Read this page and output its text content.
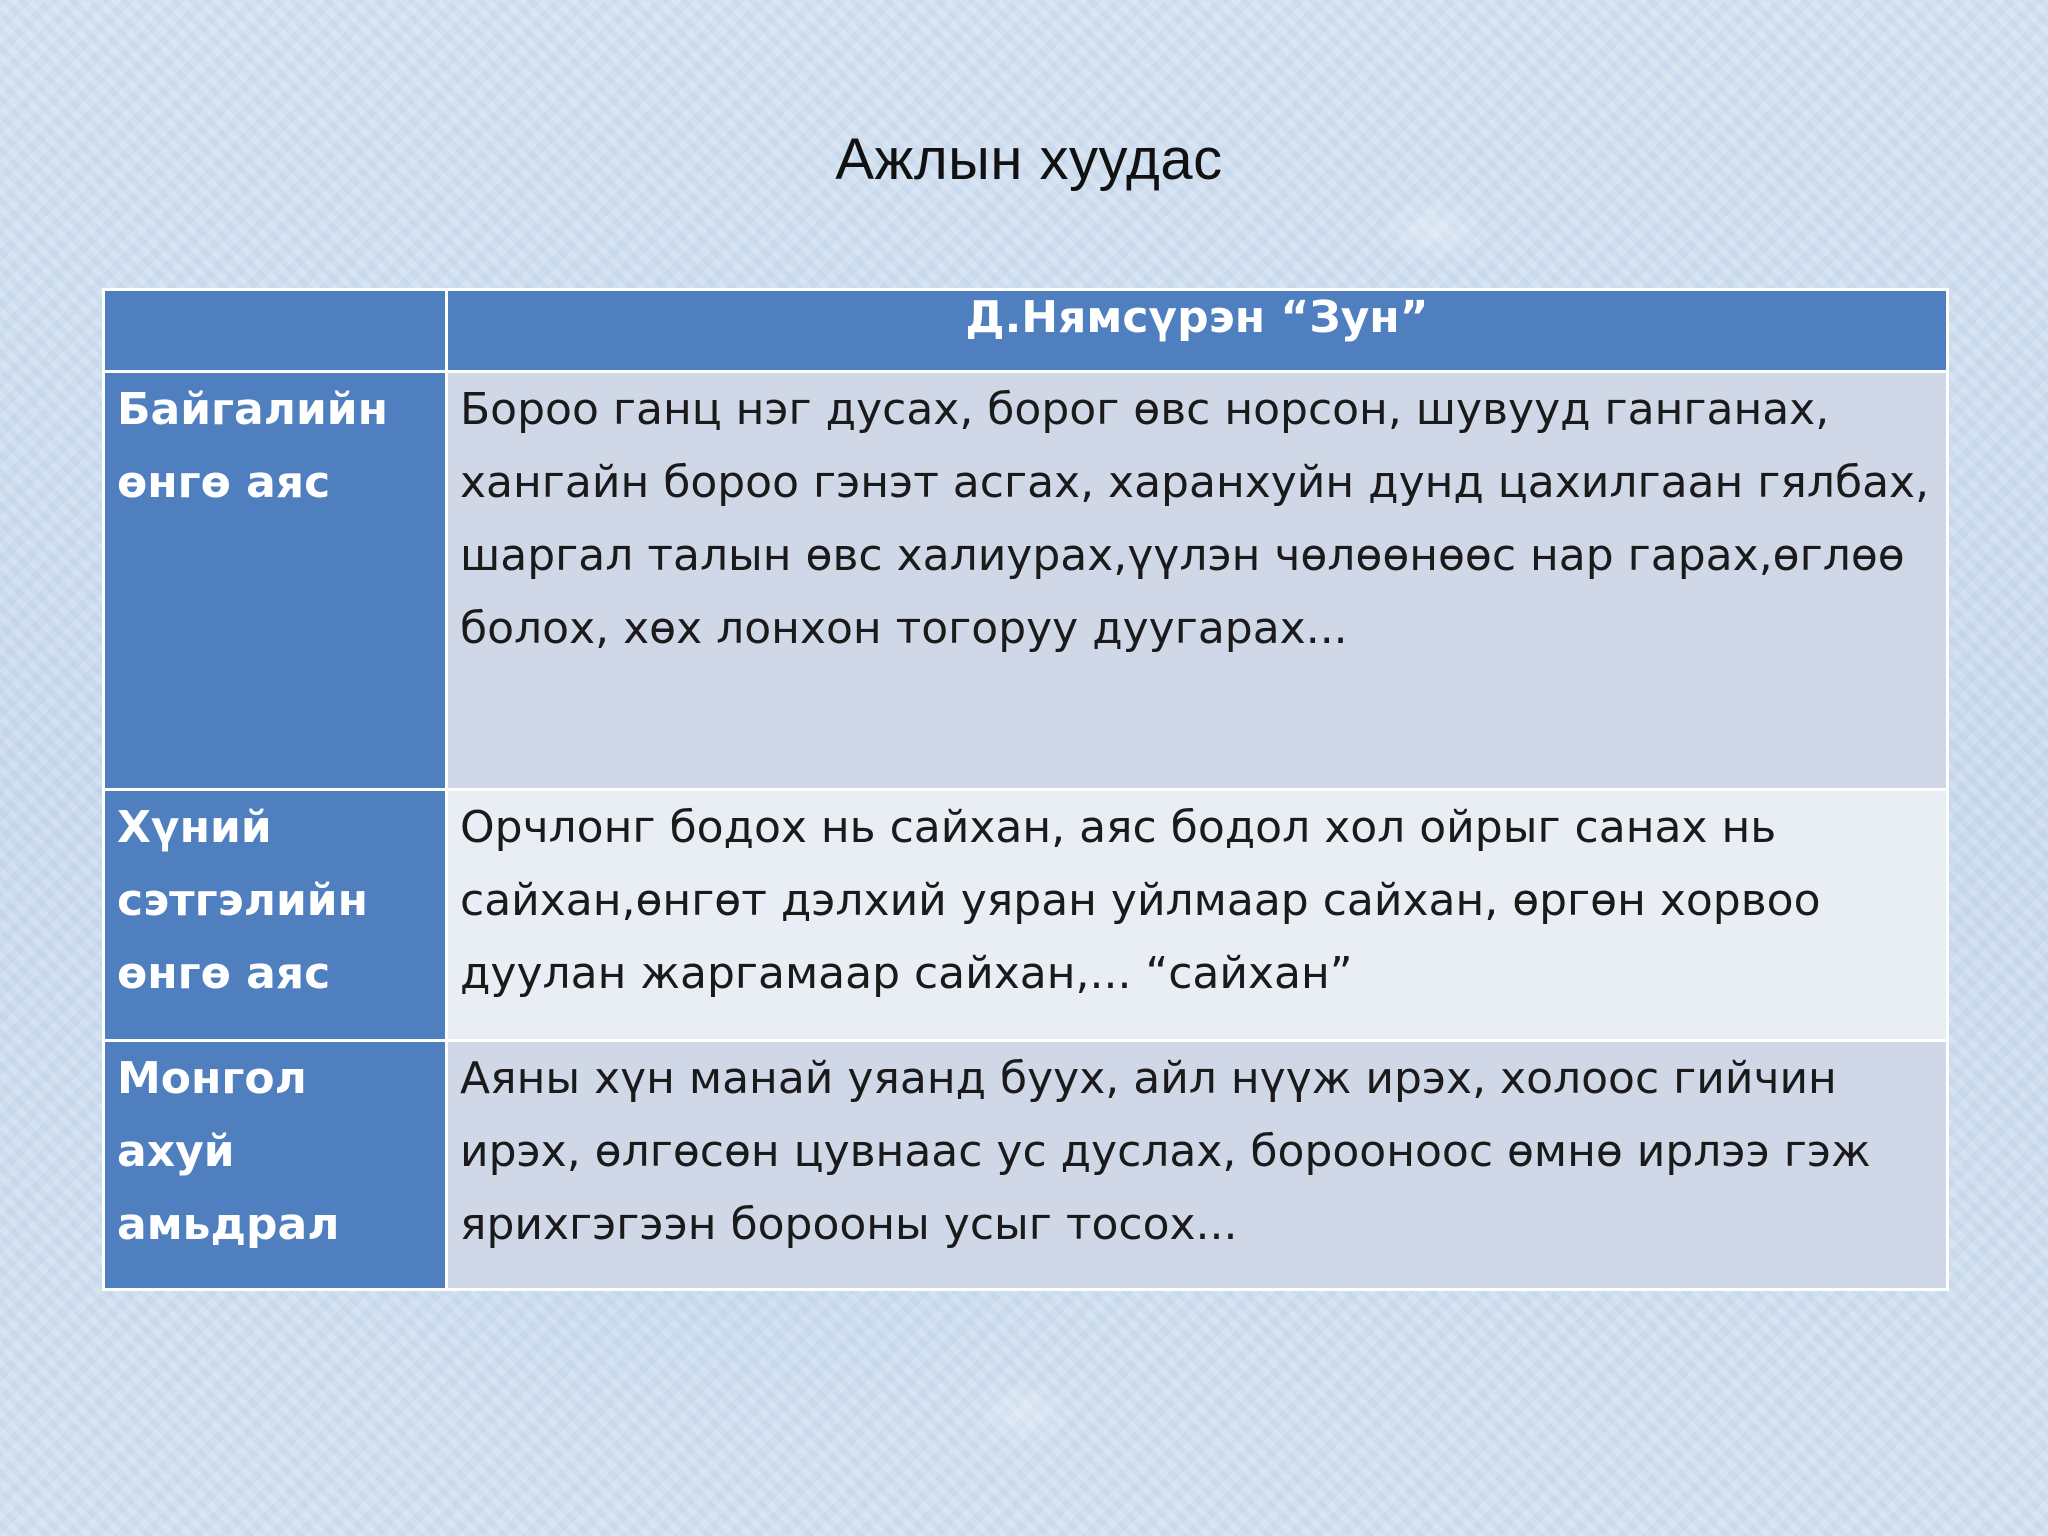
Ажлын хуудас
	Д.Нямсүрэн “Зун”
Байгалийн өнгө аяс	Бороо ганц нэг дусах, борог өвс норсон, шувууд ганганах, хангайн бороо гэнэт асгах, харанхуйн дунд цахилгаан гялбах, шаргал талын өвс халиурах,үүлэн чөлөөнөөс нар гарах,өглөө болох, хөх лонхон тогоруу дуугарах...
Хүний сэтгэлийн өнгө аяс	Орчлонг бодох нь сайхан, аяс бодол хол ойрыг санах нь сайхан,өнгөт дэлхий уяран уйлмаар сайхан, өргөн хорвоо дуулан жаргамаар сайхан,... “сайхан”
Монгол ахуй амьдрал	Аяны хүн манай уяанд буух, айл нүүж ирэх, холоос гийчин ирэх, өлгөсөн цувнаас ус дуслах, бороонoос өмнө ирлээ гэж ярихгэгээн борооны усыг тосох...
